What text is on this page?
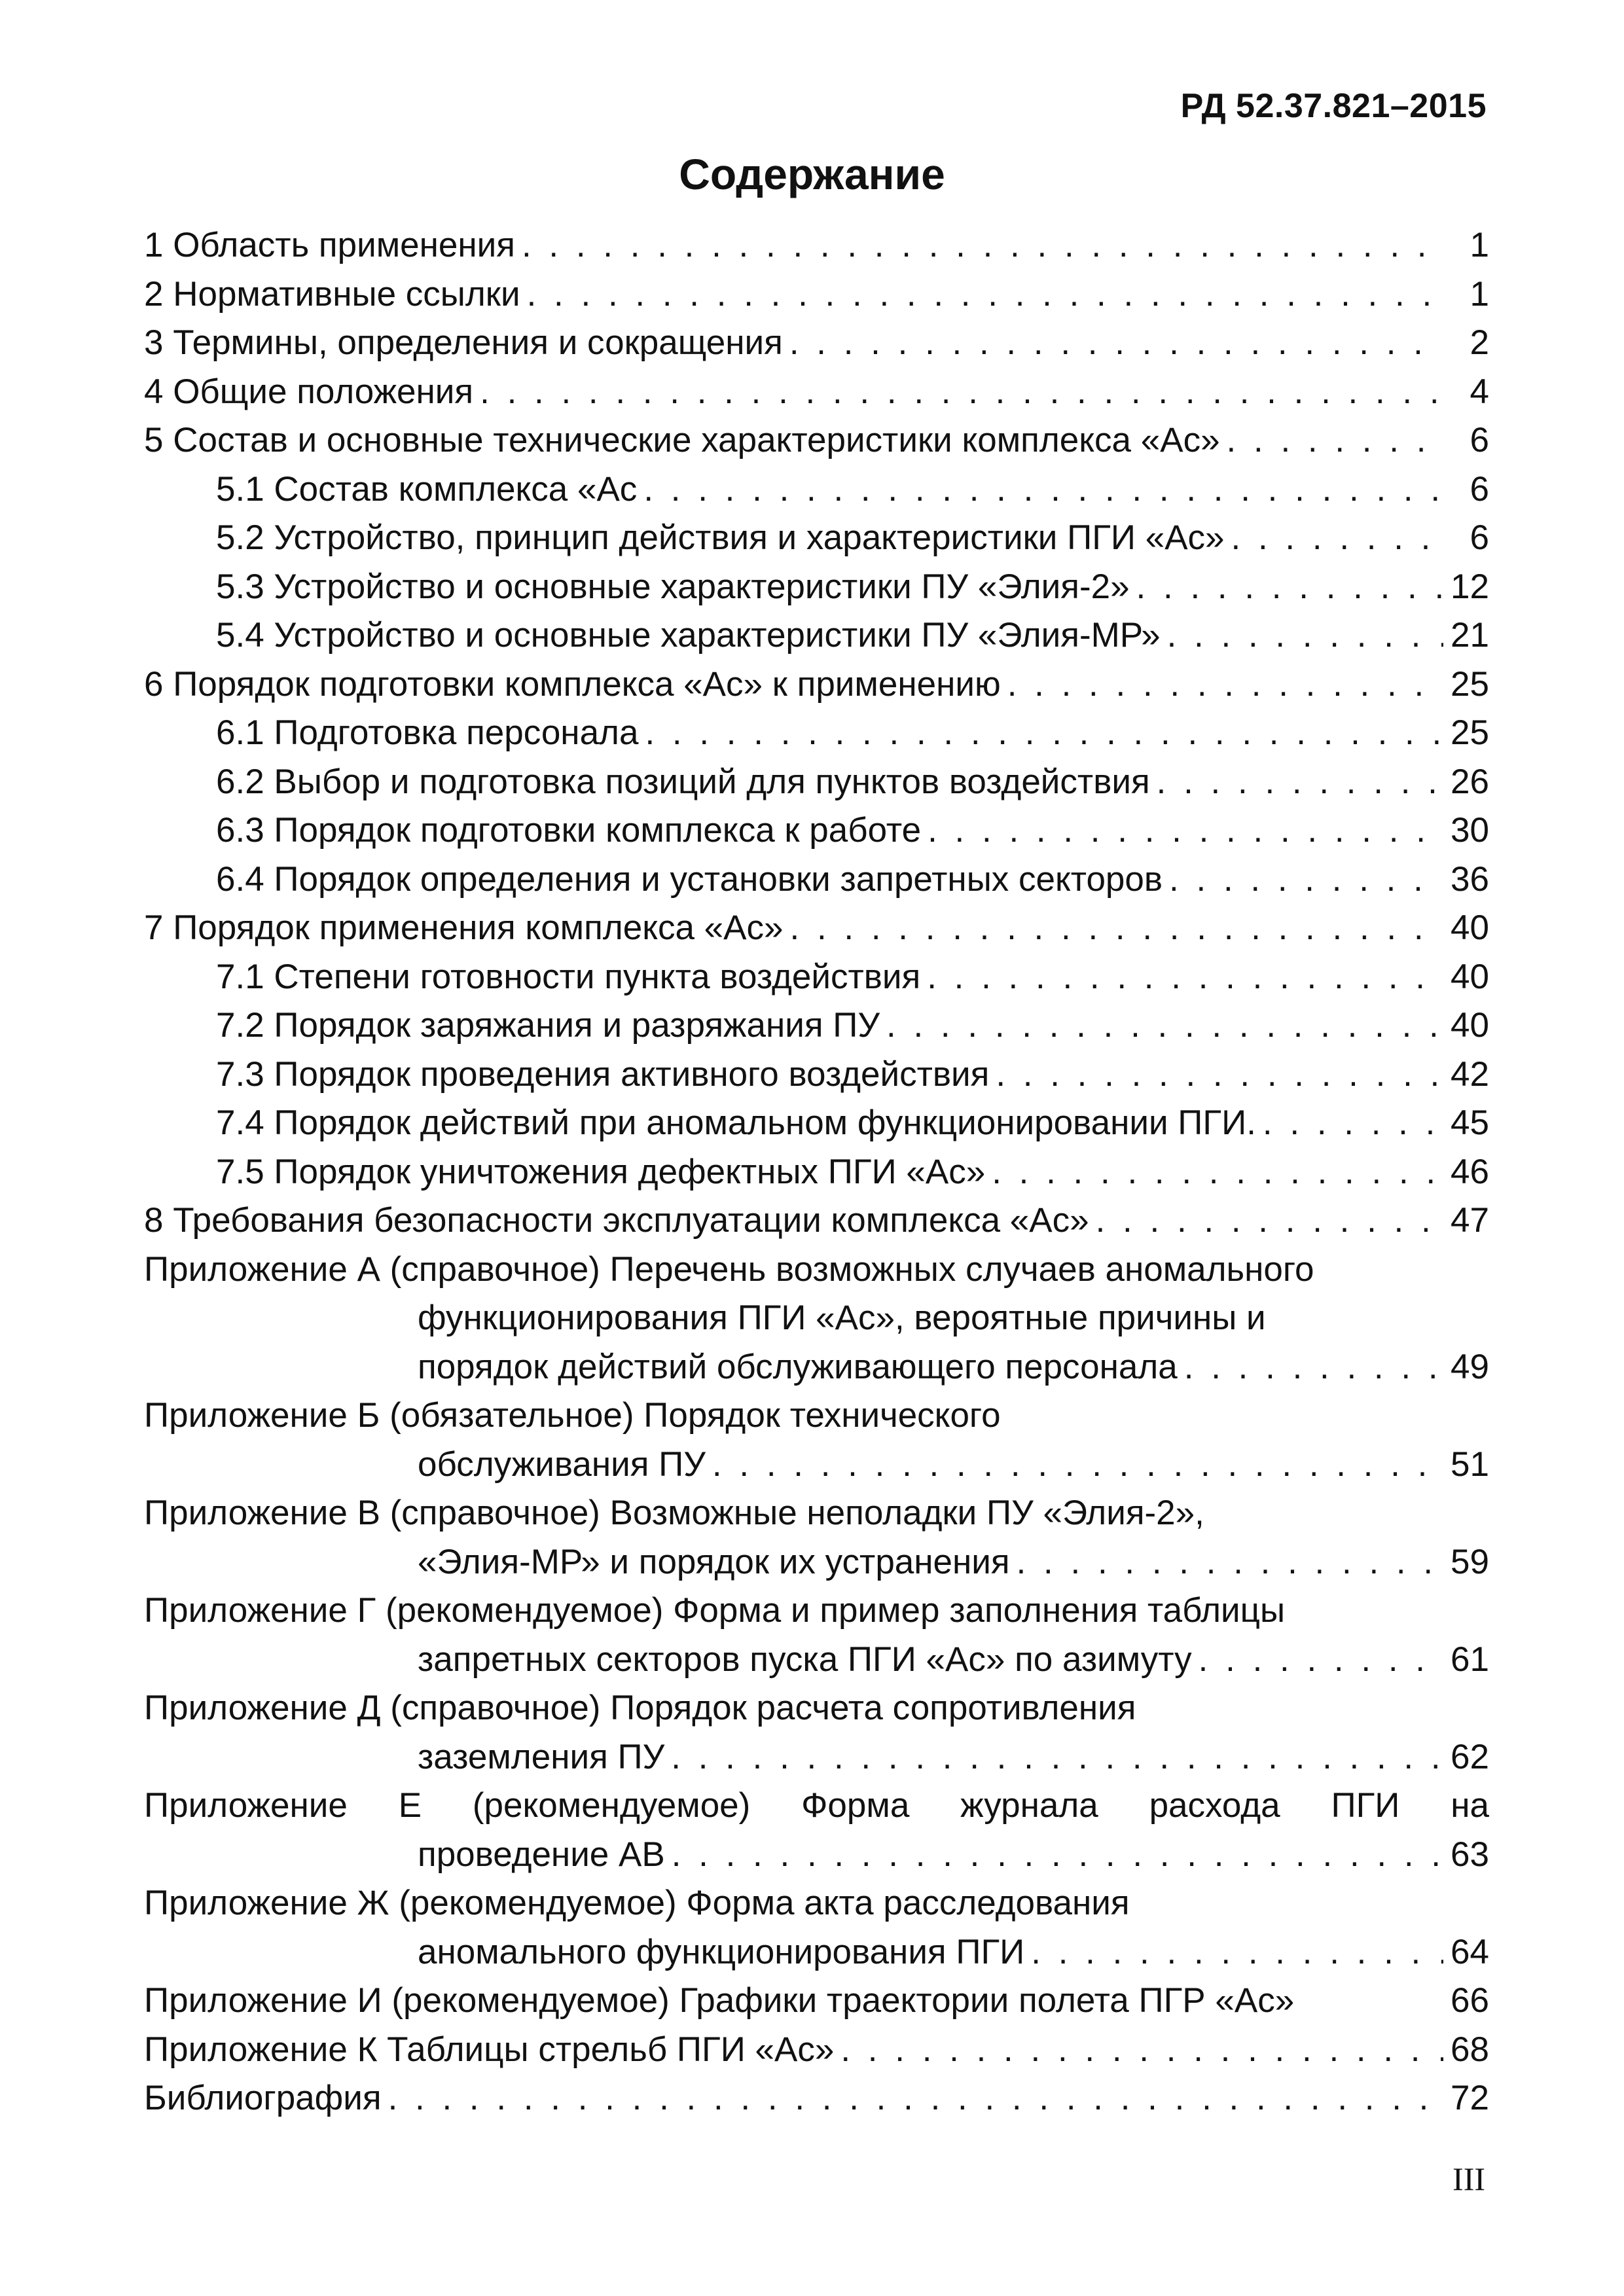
РД 52.37.821–2015
Содержание
1 Область применения . . .	1
2 Нормативные ссылки . . .	1
3 Термины, определения и сокращения . . .	2
4 Общие положения . . .	4
5 Состав и основные технические характеристики комплекса «Ас» . . .	6
5.1 Состав комплекса «Ас . . .	6
5.2 Устройство, принцип действия и характеристики ПГИ «Ас» . . .	6
5.3 Устройство и основные характеристики ПУ «Элия-2» . . .	12
5.4 Устройство и основные характеристики ПУ «Элия-МР» . . .	21
6 Порядок подготовки комплекса «Ас» к применению . . .	25
6.1 Подготовка персонала . . .	25
6.2 Выбор и подготовка позиций для пунктов воздействия . . .	26
6.3 Порядок подготовки комплекса к работе . . .	30
6.4 Порядок определения и установки запретных секторов . . .	36
7 Порядок применения комплекса «Ас» . . .	40
7.1 Степени готовности пункта воздействия . . .	40
7.2 Порядок заряжания и разряжания ПУ . . .	40
7.3 Порядок проведения активного воздействия . . .	42
7.4 Порядок действий при аномальном функционировании ПГИ. . . .	45
7.5 Порядок уничтожения дефектных ПГИ «Ас» . . .	46
8 Требования безопасности эксплуатации комплекса «Ас» . . .	47
Приложение А (справочное) Перечень возможных случаев аномального
функционирования ПГИ «Ас», вероятные причины и
порядок действий обслуживающего персонала . . .	49
Приложение Б (обязательное) Порядок технического
обслуживания ПУ . . .	51
Приложение В (справочное) Возможные неполадки ПУ «Элия-2»,
«Элия-МР» и порядок их устранения . . .	59
Приложение Г (рекомендуемое) Форма и пример заполнения таблицы
запретных секторов пуска ПГИ «Ас» по азимуту . . .	61
Приложение Д (справочное) Порядок расчета сопротивления
заземления ПУ . . .	62
Приложение Е (рекомендуемое) Форма журнала расхода ПГИ на
проведение АВ . . .	63
Приложение Ж (рекомендуемое) Форма акта расследования
аномального функционирования ПГИ . . .	64
Приложение И (рекомендуемое) Графики траектории полета ПГР «Ас»	66
Приложение К Таблицы стрельб ПГИ «Ас» . . .	68
Библиография . . .	72
III
